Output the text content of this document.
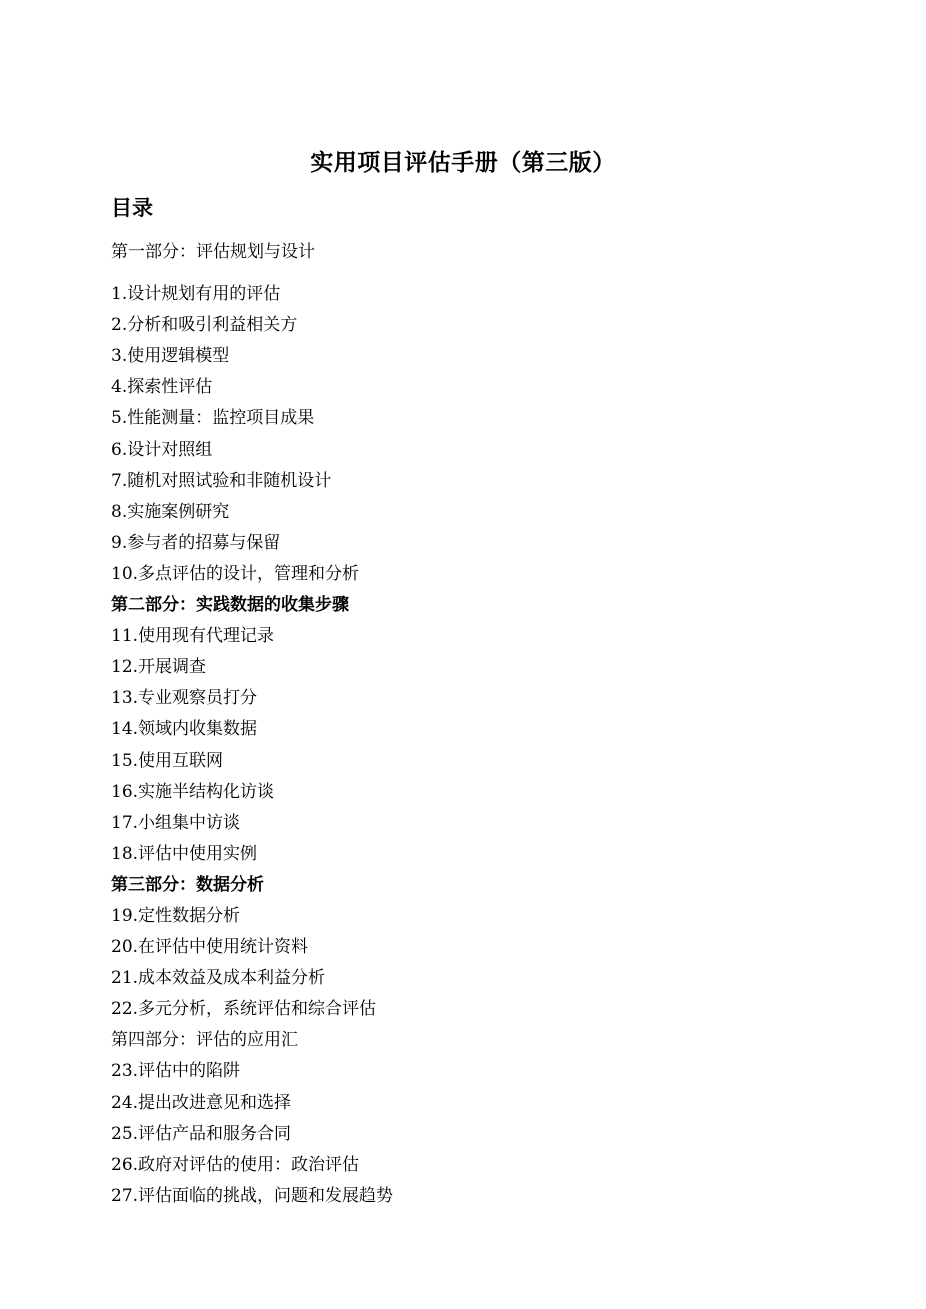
实用项目评估手册（第三版）
目录
第一部分：评估规划与设计
1.设计规划有用的评估
2.分析和吸引利益相关方
3.使用逻辑模型
4.探索性评估
5.性能测量：监控项目成果
6.设计对照组
7.随机对照试验和非随机设计
8.实施案例研究
9.参与者的招募与保留
10.多点评估的设计，管理和分析
第二部分：实践数据的收集步骤
11.使用现有代理记录
12.开展调查
13.专业观察员打分
14.领域内收集数据
15.使用互联网
16.实施半结构化访谈
17.小组集中访谈
18.评估中使用实例
第三部分：数据分析
19.定性数据分析
20.在评估中使用统计资料
21.成本效益及成本利益分析
22.多元分析，系统评估和综合评估
第四部分：评估的应用汇
23.评估中的陷阱
24.提出改进意见和选择
25.评估产品和服务合同
26.政府对评估的使用：政治评估
27.评估面临的挑战，问题和发展趋势
